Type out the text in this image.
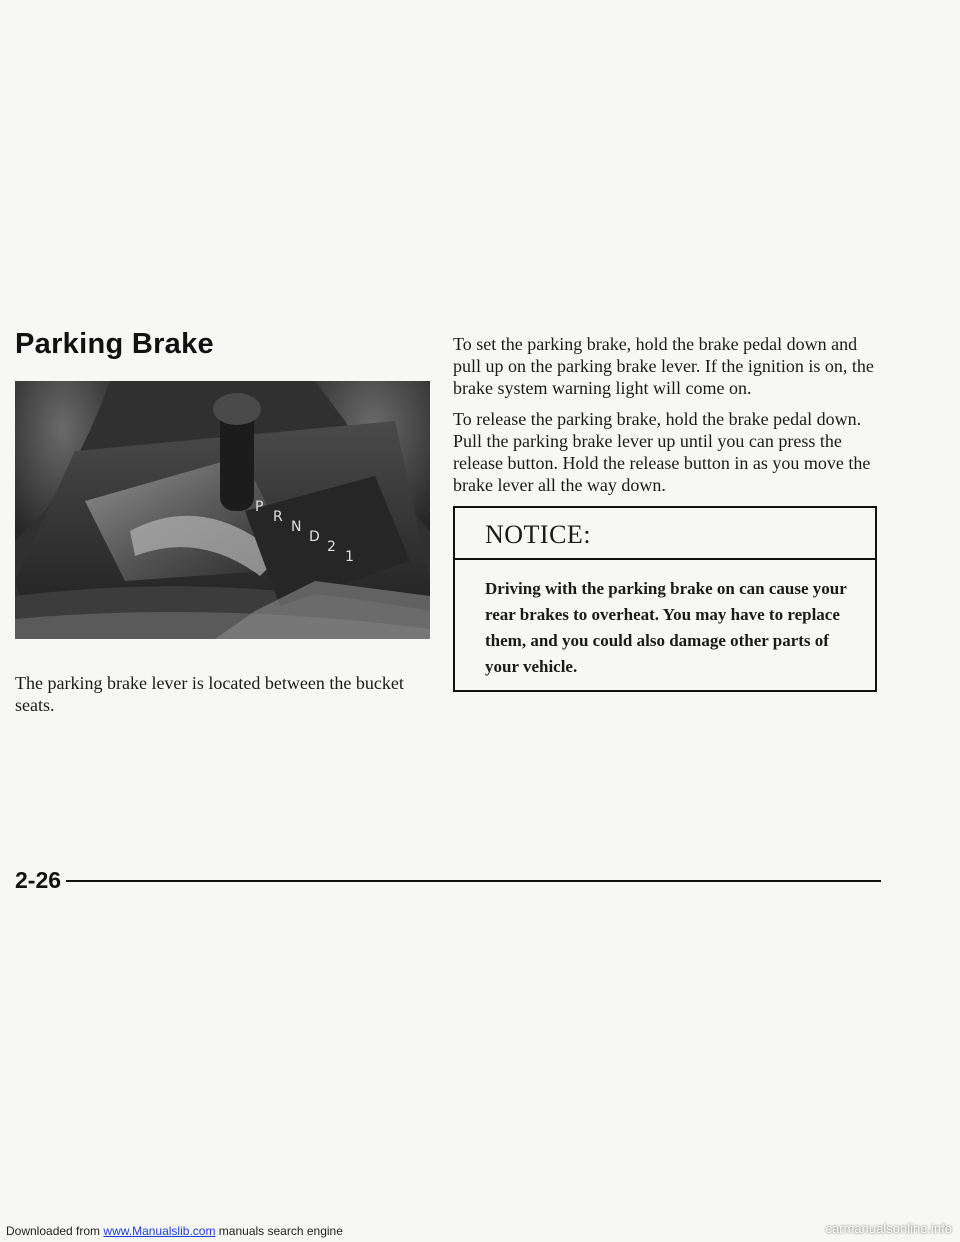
Parking Brake
P
R
N
D
2
1
The parking brake lever is located between the bucket seats.

To set the parking brake, hold the brake pedal down and pull up on the parking brake lever. If the ignition is on, the brake system warning light will come on.

To release the parking brake, hold the brake pedal down. Pull the parking brake lever up until you can press the release button. Hold the release button in as you move the brake lever all the way down.

NOTICE:
Driving with the parking brake on can cause your rear brakes to overheat. You may have to replace them, and you could also damage other parts of your vehicle.
2-26
Downloaded from www.Manualslib.com manuals search engine	carmanualsonline.info
